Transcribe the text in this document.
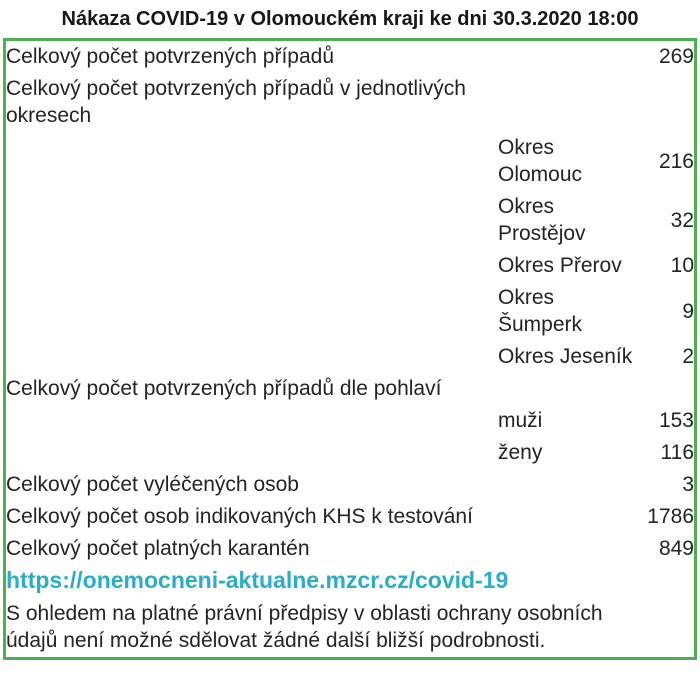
Nákaza COVID-19 v Olomouckém kraji ke dni 30.3.2020 18:00
Celkový počet potvrzených případů		269
Celkový počet potvrzených případů v jednotlivých okresech		
	Okres Olomouc	216
	Okres Prostějov	32
	Okres Přerov	10
	Okres Šumperk	9
	Okres Jeseník	2
Celkový počet potvrzených případů dle pohlaví		
	muži	153
	ženy	116
Celkový počet vyléčených osob		3
Celkový počet osob indikovaných KHS k testování		1786
Celkový počet platných karantén		849
https://onemocneni-aktualne.mzcr.cz/covid-19		

S ohledem na platné právní předpisy v oblasti ochrany osobních údajů není možné sdělovat žádné další bližší podrobnosti.		
